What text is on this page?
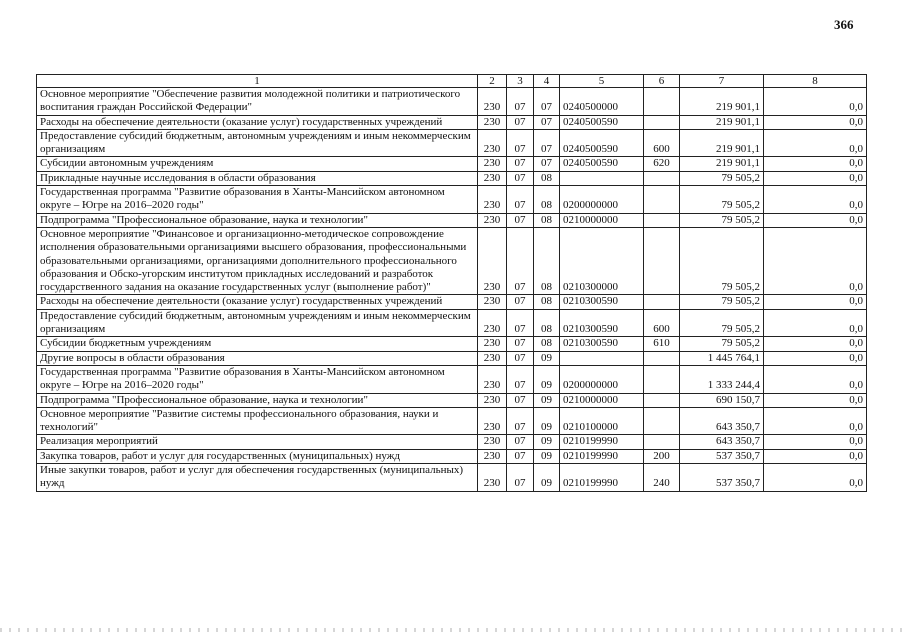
366
1	2	3	4	5	6	7	8
Основное мероприятие "Обеспечение развития молодежной политики и патриотического воспитания граждан Российской Федерации"	230	07	07	0240500000		219 901,1	0,0
Расходы на обеспечение деятельности (оказание услуг) государственных учреждений	230	07	07	0240500590		219 901,1	0,0
Предоставление субсидий бюджетным, автономным учреждениям и иным некоммерческим организациям	230	07	07	0240500590	600	219 901,1	0,0
Субсидии автономным учреждениям	230	07	07	0240500590	620	219 901,1	0,0
Прикладные научные исследования в области образования	230	07	08			79 505,2	0,0
Государственная программа "Развитие образования в Ханты-Мансийском автономном округе – Югре на 2016–2020 годы"	230	07	08	0200000000		79 505,2	0,0
Подпрограмма "Профессиональное образование, наука и технологии"	230	07	08	0210000000		79 505,2	0,0
Основное мероприятие "Финансовое и организационно-методическое сопровождение исполнения образовательными организациями высшего образования, профессиональными образовательными организациями, организациями дополнительного профессионального образования и Обско-угорским институтом прикладных исследований и разработок государственного задания на оказание государственных услуг (выполнение работ)"	230	07	08	0210300000		79 505,2	0,0
Расходы на обеспечение деятельности (оказание услуг) государственных учреждений	230	07	08	0210300590		79 505,2	0,0
Предоставление субсидий бюджетным, автономным учреждениям и иным некоммерческим организациям	230	07	08	0210300590	600	79 505,2	0,0
Субсидии бюджетным учреждениям	230	07	08	0210300590	610	79 505,2	0,0
Другие вопросы в области образования	230	07	09			1 445 764,1	0,0
Государственная программа "Развитие образования в Ханты-Мансийском автономном округе – Югре на 2016–2020 годы"	230	07	09	0200000000		1 333 244,4	0,0
Подпрограмма "Профессиональное образование, наука и технологии"	230	07	09	0210000000		690 150,7	0,0
Основное мероприятие "Развитие системы профессионального образования, науки и технологий"	230	07	09	0210100000		643 350,7	0,0
Реализация мероприятий	230	07	09	0210199990		643 350,7	0,0
Закупка товаров, работ и услуг для государственных (муниципальных) нужд	230	07	09	0210199990	200	537 350,7	0,0
Иные закупки товаров, работ и услуг для обеспечения государственных (муниципальных) нужд	230	07	09	0210199990	240	537 350,7	0,0
